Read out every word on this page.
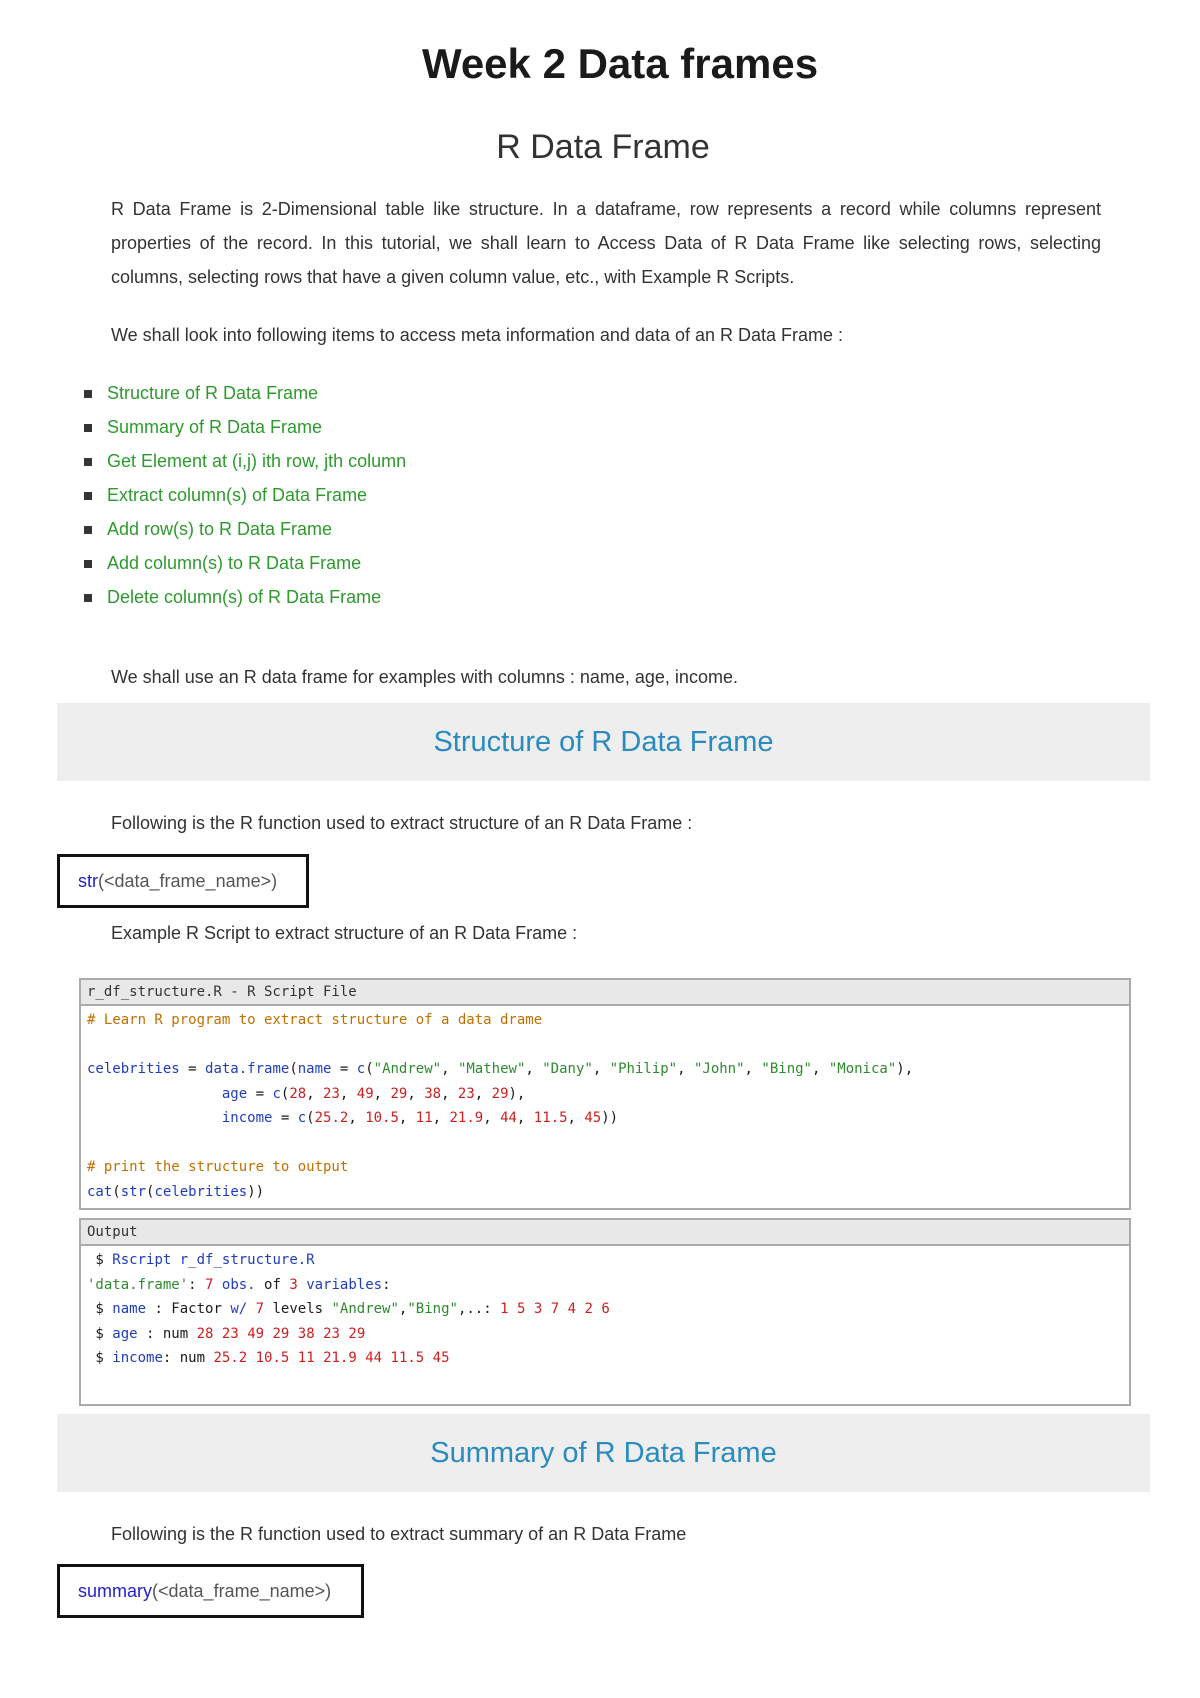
Week 2 Data frames
R Data Frame

R Data Frame is 2-Dimensional table like structure. In a dataframe, row represents a record while columns represent properties of the record. In this tutorial, we shall learn to Access Data of R Data Frame like selecting rows, selecting columns, selecting rows that have a given column value, etc., with Example R Scripts.

We shall look into following items to access meta information and data of an R Data Frame :

Structure of R Data Frame
Summary of R Data Frame
Get Element at (i,j) ith row, jth column
Extract column(s) of Data Frame
Add row(s) to R Data Frame
Add column(s) to R Data Frame
Delete column(s) of R Data Frame

We shall use an R data frame for examples with columns : name, age, income.

Structure of R Data Frame

Following is the R function used to extract structure of an R Data Frame :

str(<data_frame_name>)

Example R Script to extract structure of an R Data Frame :

r_df_structure.R - R Script File
# Learn R program to extract structure of a data drame

celebrities = data.frame(name = c("Andrew", "Mathew", "Dany", "Philip", "John", "Bing", "Monica"),
age = c(28, 23, 49, 29, 38, 23, 29),
income = c(25.2, 10.5, 11, 21.9, 44, 11.5, 45))

# print the structure to output
cat(str(celebrities))
Output
$ Rscript r_df_structure.R
'data.frame': 7 obs. of 3 variables:
$ name : Factor w/ 7 levels "Andrew","Bing",..: 1 5 3 7 4 2 6
$ age : num 28 23 49 29 38 23 29
$ income: num 25.2 10.5 11 21.9 44 11.5 45
Summary of R Data Frame

Following is the R function used to extract summary of an R Data Frame

summary(<data_frame_name>)
